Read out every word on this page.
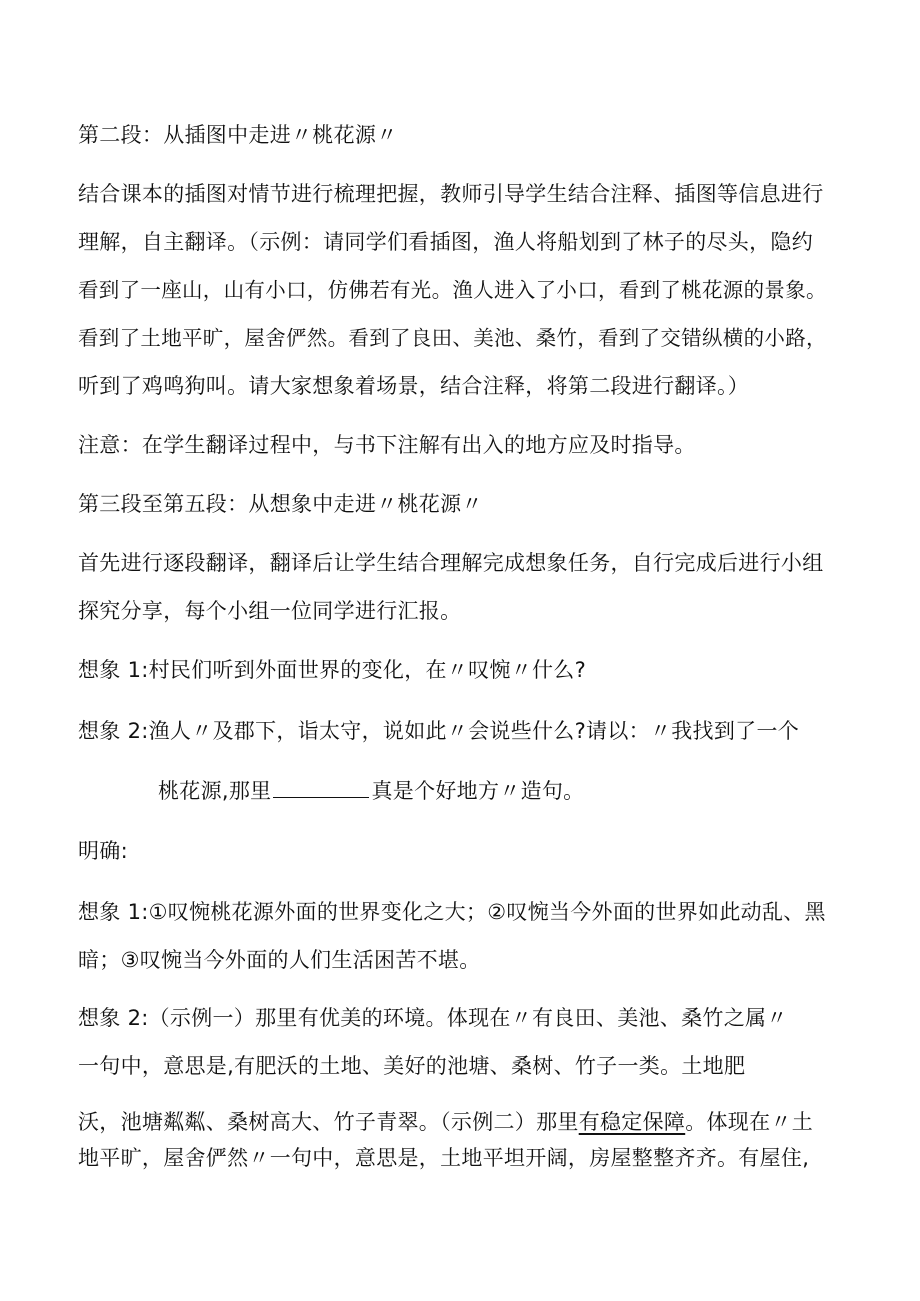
第二段：从插图中走进〃桃花源〃
结合课本的插图对情节进行梳理把握，教师引导学生结合注释、插图等信息进行
理解，自主翻译。（示例：请同学们看插图，渔人将船划到了林子的尽头，隐约
看到了一座山，山有小口，仿佛若有光。渔人进入了小口，看到了桃花源的景象。
看到了土地平旷，屋舍俨然。看到了良田、美池、桑竹，看到了交错纵横的小路，
听到了鸡鸣狗叫。请大家想象着场景，结合注释，将第二段进行翻译。）
注意：在学生翻译过程中，与书下注解有出入的地方应及时指导。
第三段至第五段：从想象中走进〃桃花源〃
首先进行逐段翻译，翻译后让学生结合理解完成想象任务，自行完成后进行小组
探究分享，每个小组一位同学进行汇报。
想象 1:村民们听到外面世界的变化，在〃叹惋〃什么?
想象 2:渔人〃及郡下，诣太守，说如此〃会说些什么?请以：〃我找到了一个
桃花源,那里	真是个好地方〃造句。
明确:
想象 1:①叹惋桃花源外面的世界变化之大；②叹惋当今外面的世界如此动乱、黑
暗；③叹惋当今外面的人们生活困苦不堪。
想象 2:（示例一）那里有优美的环境。体现在〃有良田、美池、桑竹之属〃
一句中，意思是,有肥沃的土地、美好的池塘、桑树、竹子一类。土地肥
沃，池塘粼粼、桑树高大、竹子青翠。（示例二）那里有稳定保障。体现在〃土
地平旷，屋舍俨然〃一句中，意思是，土地平坦开阔，房屋整整齐齐。有屋住,
